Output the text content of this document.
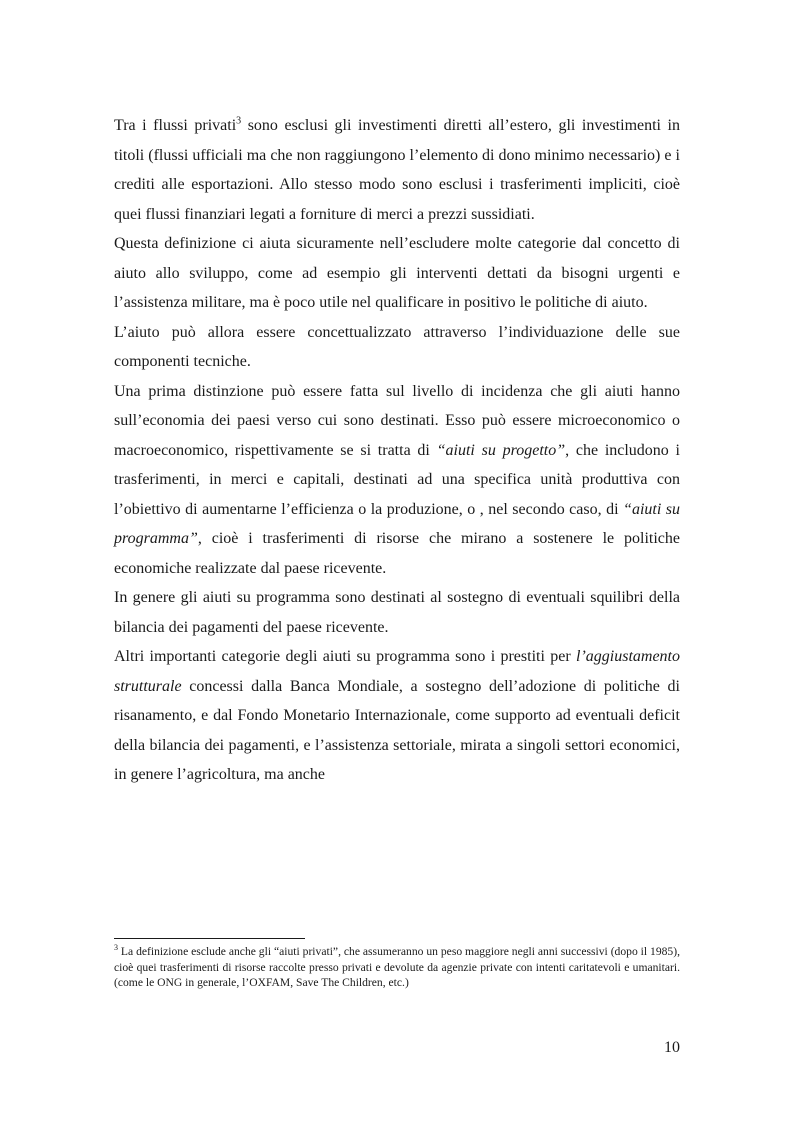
Tra i flussi privati$^3$ sono esclusi gli investimenti diretti all’estero, gli investimenti in titoli (flussi ufficiali ma che non raggiungono l’elemento di dono minimo necessario) e i crediti alle esportazioni. Allo stesso modo sono esclusi i trasferimenti impliciti, cioè quei flussi finanziari legati a forniture di merci a prezzi sussidiati.

Questa definizione ci aiuta sicuramente nell’escludere molte categorie dal concetto di aiuto allo sviluppo, come ad esempio gli interventi dettati da bisogni urgenti e l’assistenza militare, ma è poco utile nel qualificare in positivo le politiche di aiuto.

L’aiuto può allora essere concettualizzato attraverso l’individuazione delle sue componenti tecniche.

Una prima distinzione può essere fatta sul livello di incidenza che gli aiuti hanno sull’economia dei paesi verso cui sono destinati. Esso può essere microeconomico o macroeconomico, rispettivamente se si tratta di “aiuti su progetto”, che includono i trasferimenti, in merci e capitali, destinati ad una specifica unità produttiva con l’obiettivo di aumentarne l’efficienza o la produzione, o , nel secondo caso, di “aiuti su programma”, cioè i trasferimenti di risorse che mirano a sostenere le politiche economiche realizzate dal paese ricevente.

In genere gli aiuti su programma sono destinati al sostegno di eventuali squilibri della bilancia dei pagamenti del paese ricevente.

Altri importanti categorie degli aiuti su programma sono i prestiti per l’aggiustamento strutturale concessi dalla Banca Mondiale, a sostegno dell’adozione di politiche di risanamento, e dal Fondo Monetario Internazionale, come supporto ad eventuali deficit della bilancia dei pagamenti, e l’assistenza settoriale, mirata a singoli settori economici, in genere l’agricoltura, ma anche

$^3$ La definizione esclude anche gli “aiuti privati”, che assumeranno un peso maggiore negli anni successivi (dopo il 1985), cioè quei trasferimenti di risorse raccolte presso privati e devolute da agenzie private con intenti caritatevoli e umanitari. (come le ONG in generale, l’OXFAM, Save The Children, etc.)
10
